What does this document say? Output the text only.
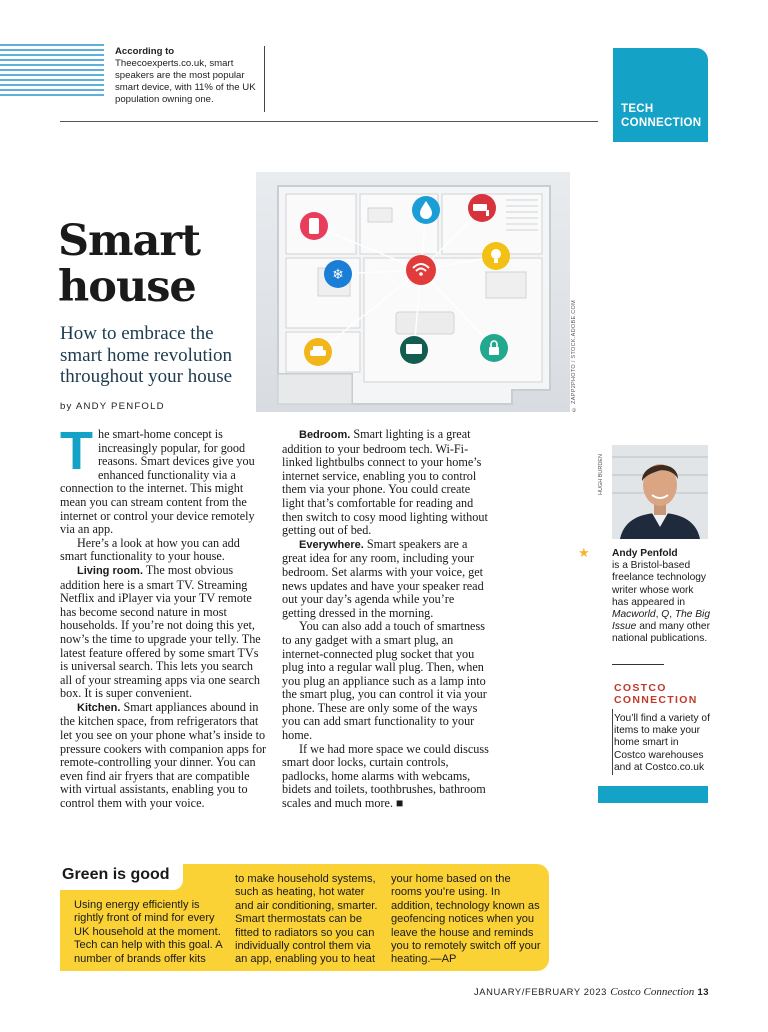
According to Theecoexperts.co.uk, smart speakers are the most popular smart device, with 11% of the UK population owning one.
TECH
CONNECTION
Smart
house
How to embrace the smart home revolution throughout your house
by ANDY PENFOLD
❄
© ZAPP2PHOTO / STOCK.ADOBE.COM

The smart-home concept is increasingly popular, for good reasons. Smart devices give you enhanced functionality via a connection to the internet. This might mean you can stream content from the internet or control your device remotely via an app.

Here’s a look at how you can add smart functionality to your house.

Living room. The most obvious addition here is a smart TV. Streaming Netflix and iPlayer via your TV remote has become second nature in most households. If you’re not doing this yet, now’s the time to upgrade your telly. The latest feature offered by some smart TVs is universal search. This lets you search all of your streaming apps via one search box. It is super convenient.

Kitchen. Smart appliances abound in the kitchen space, from refrigerators that let you see on your phone what’s inside to pressure cookers with companion apps for remote-controlling your dinner. You can even find air fryers that are compatible with virtual assistants, enabling you to control them with your voice.

Bedroom. Smart lighting is a great addition to your bedroom tech. Wi-Fi-linked lightbulbs connect to your home’s internet service, enabling you to control them via your phone. You could create light that’s comfortable for reading and then switch to cosy mood lighting without getting out of bed.

Everywhere. Smart speakers are a great idea for any room, including your bedroom. Set alarms with your voice, get news updates and have your speaker read out your day’s agenda while you’re getting dressed in the morning.

You can also add a touch of smartness to any gadget with a smart plug, an internet-connected plug socket that you plug into a regular wall plug. Then, when you plug an appliance such as a lamp into the smart plug, you can control it via your phone. These are only some of the ways you can add smart functionality to your home.

If we had more space we could discuss smart door locks, curtain controls, padlocks, home alarms with webcams, bidets and toilets, toothbrushes, bathroom scales and much more. ■

HUGH BURDEN
★ Andy Penfold
is a Bristol-based freelance technology writer whose work has appeared in Macworld, Q, The Big Issue and many other national publications.
COSTCO
CONNECTION
You’ll find a variety of items to make your home smart in Costco warehouses and at Costco.co.uk
Green is good
Using energy efficiently is rightly front of mind for every UK household at the moment. Tech can help with this goal. A number of brands offer kits
to make household systems, such as heating, hot water and air conditioning, smarter. Smart thermostats can be fitted to radiators so you can individually control them via an app, enabling you to heat
your home based on the rooms you’re using. In addition, technology known as geofencing notices when you leave the house and reminds you to remotely switch off your heating.—AP
JANUARY/FEBRUARY 2023 Costco Connection 13
